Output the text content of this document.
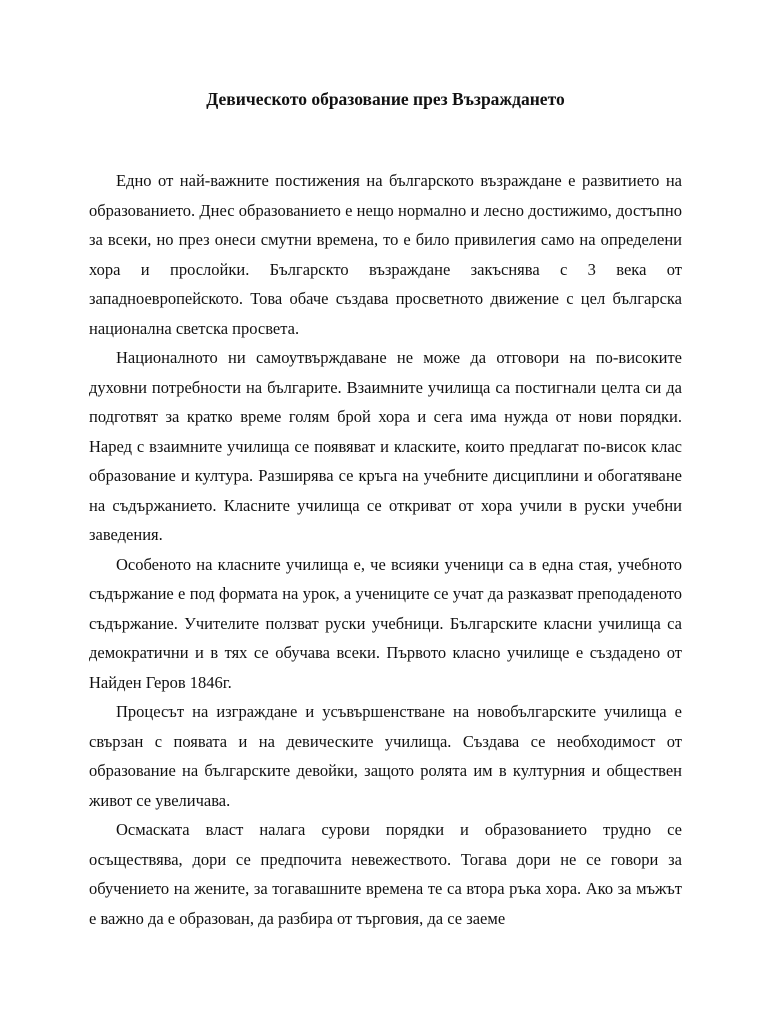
Девическото образование през Възраждането

Едно от най-важните постижения на българското възраждане е развитието на образованието. Днес образованието е нещо нормално и лесно достижимо, достъпно за всеки, но през онеси смутни времена, то е било привилегия само на определени хора и прослойки. Българскто възраждане закъснява с 3 века от западноевропейското. Това обаче създава просветното движение с цел българска национална светска просвета.

Националното ни самоутвърждаване не може да отговори на по-високите духовни потребности на българите. Взаимните училища са постигнали целта си да подготвят за кратко време голям брой хора и сега има нужда от нови порядки. Наред с взаимните училища се появяват и класките, които предлагат по-висок клас образование и култура. Разширява се кръга на учебните дисциплини и обогатяване на съдържанието. Класните училища се откриват от хора учили в руски учебни заведения.

Особеното на класните училища е, че всияки ученици са в една стая, учебното съдържание е под формата на урок, а учениците се учат да разказват преподаденото съдържание. Учителите ползват руски учебници. Българските класни училища са демократични и в тях се обучава всеки. Първото класно училище е създадено от Найден Геров 1846г.

Процесът на изграждане и усъвършенстване на новобългарските училища е свързан с появата и на девическите училища. Създава се необходимост от образование на българските девойки, защото ролята им в културния и обществен живот се увеличава.

Осмаската власт налага сурови порядки и образованието трудно се осъществява, дори се предпочита невежеството. Тогава дори не се говори за обучението на жените, за тогавашните времена те са втора ръка хора. Ако за мъжът е важно да е образован, да разбира от търговия, да се заеме
